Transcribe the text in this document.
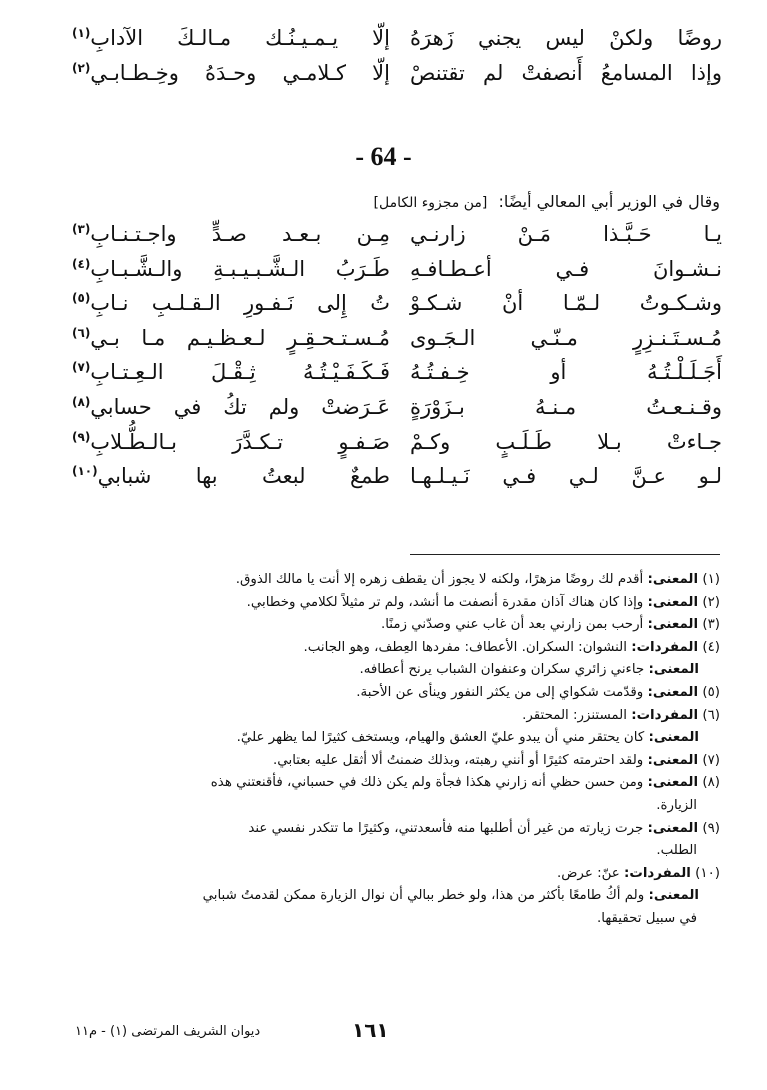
روضًا ولكنْ ليس يجني زَهرَهُ
إلّا يـمـيـنُـك مـالـكَ الآدابِ$^{(١)}$
وإذا المسامعُ أَنصفتْ لم تقتنصْ
إلّا كـلامـي وحـدَهُ وخِـطـابـي$^{(٢)}$
- 64 -
وقال في الوزير أبي المعالي أيضًا: [من مجزوء الكامل]
يـا حَـبَّـذا مَـنْ زارنـي
مِـن بـعـد صـدٍّ واجـتـنـابِ$^{(٣)}$
نـشـوانَ فـي أعـطـافـهِ
طَـرَبُ الـشَّـبـيـبـةِ والـشَّـبـابِ$^{(٤)}$
وشـكـوتُ لـمّـا أنْ شـكـوْ
تُ إِلى نَـفـورِ الـقـلـبِ نـابِ$^{(٥)}$
مُـسـتَـنـزِرٍ مـنّـي الـجَـوى
مُـسـتـحـقِـرٍ لـعـظـيـم مـا بـي$^{(٦)}$
أَجَـلَـلْـتُـهُ أو خِـفـتُـهُ
فَـكَـفَـيْـتُـهُ ثِـقْـلَ الـعِـتـابِ$^{(٧)}$
وقـنـعـتُ مـنـهُ بـزَوْرَةٍ
عَـرَضتْ ولم تكُ في حسابي$^{(٨)}$
جـاءتْ بـلا طَـلَـبٍ وكـمْ
صَـفـوٍ تـكـدَّرَ بـالـطُّـلابِ$^{(٩)}$
لـو عـنَّ لـي فـي نَـيـلـهـا
طمعٌ لبعتُ بها شبابي$^{(١٠)}$
(١) المعنى: أقدم لك روضًا مزهرًا، ولكنه لا يجوز أن يقطف زهره إلا أنت يا مالك الذوق.
(٢) المعنى: وإذا كان هناك آذان مقدرة أنصفت ما أنشد، ولم تر مثيلاً لكلامي وخطابي.
(٣) المعنى: أرحب بمن زارني بعد أن غاب عني وصدّني زمنًا.
(٤) المفردات: النشوان: السكران. الأعطاف: مفردها العِطف، وهو الجانب.
المعنى: جاءني زائري سكران وعنفوان الشباب يرنح أعطافه.
(٥) المعنى: وقدّمت شكواي إلى من يكثر النفور وينأى عن الأحبة.
(٦) المفردات: المستنزر: المحتقر.
المعنى: كان يحتقر مني أن يبدو عليّ العشق والهيام، ويستخف كثيرًا لما يظهر عليّ.
(٧) المعنى: ولقد احترمته كثيرًا أو أنني رهبته، وبذلك ضمنتُ ألا أثقل عليه بعتابي.
(٨) المعنى: ومن حسن حظي أنه زارني هكذا فجأة ولم يكن ذلك في حسباني، فأقنعتني هذه
الزيارة.
(٩) المعنى: جرت زيارته من غير أن أطلبها منه فأسعدتني، وكثيرًا ما تتكدر نفسي عند
الطلب.
(١٠) المفردات: عنّ: عرض.
المعنى: ولم أكُ طامعًا بأكثر من هذا، ولو خطر ببالي أن نوال الزيارة ممكن لقدمتُ شبابي
في سبيل تحقيقها.
١٦١
ديوان الشريف المرتضى (١) - م١١
